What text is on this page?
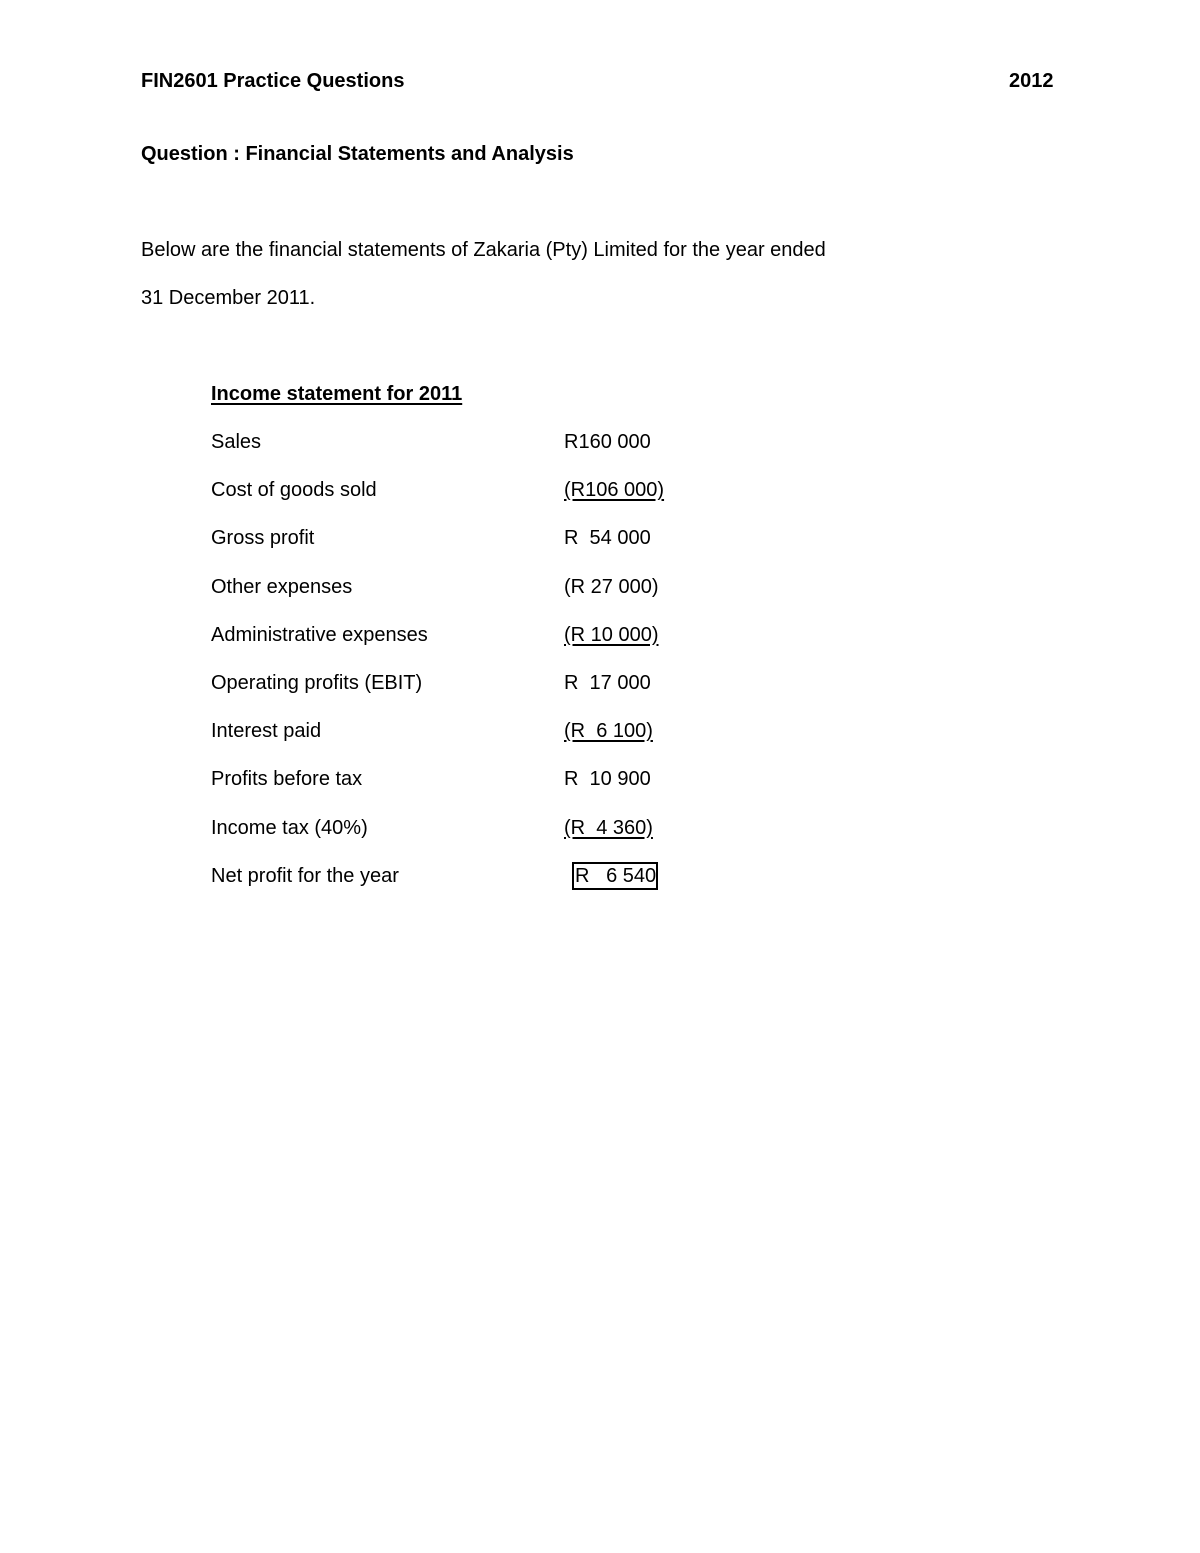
FIN2601 Practice Questions	2012
Question : Financial Statements and Analysis
Below are the financial statements of Zakaria (Pty) Limited for the year ended
31 December 2011.
Income statement for 2011
Sales	R160 000
Cost of goods sold	(R106 000)
Gross profit	R  54 000
Other expenses	(R 27 000)
Administrative expenses	(R 10 000)
Operating profits (EBIT)	R  17 000
Interest paid	(R  6 100)
Profits before tax	R  10 900
Income tax (40%)	(R  4 360)
Net profit for the year	R   6 540
